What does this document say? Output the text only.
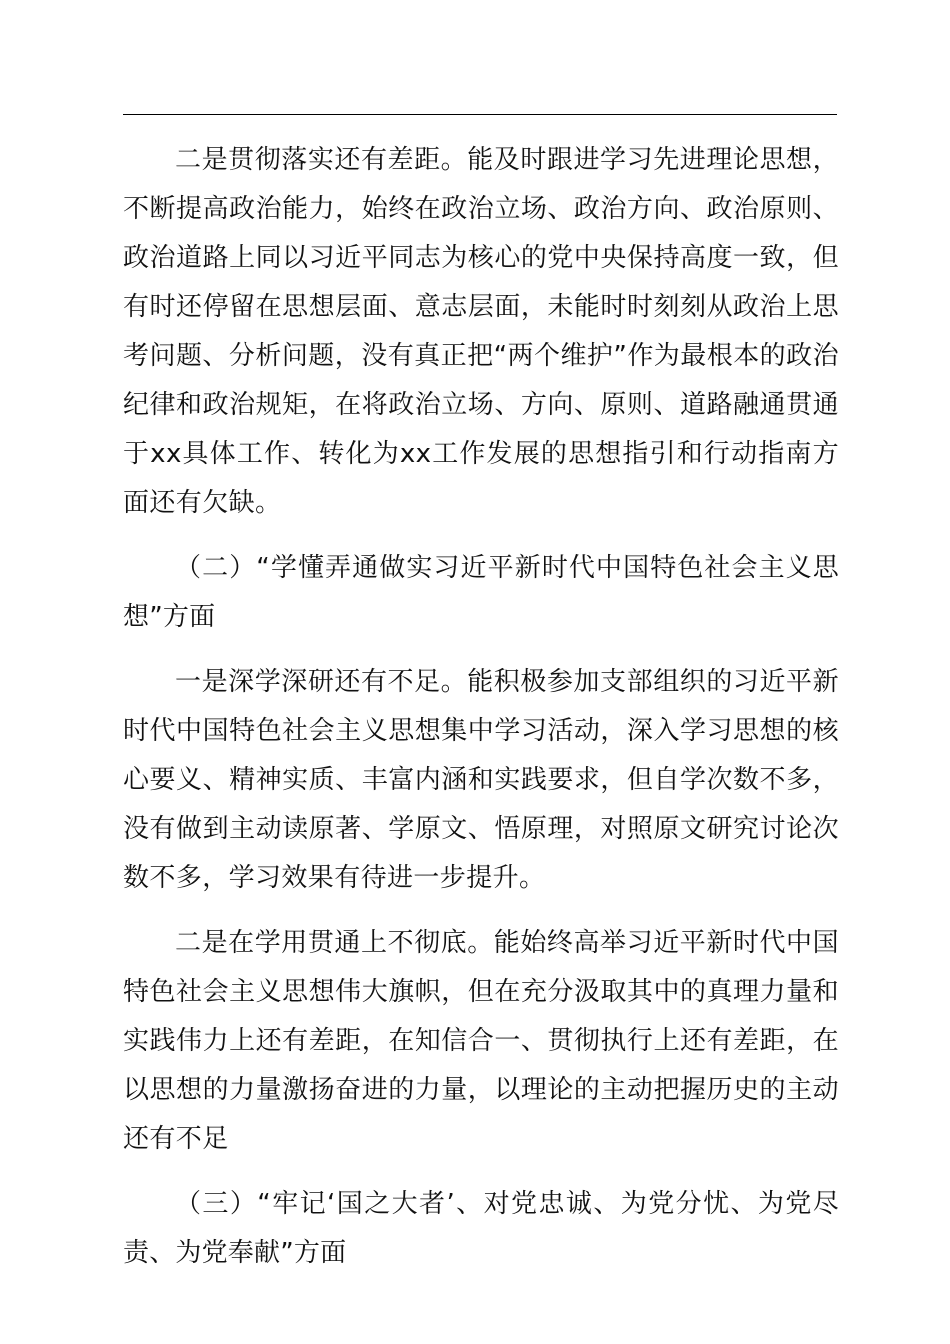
二是贯彻落实还有差距。能及时跟进学习先进理论思想，不断提高政治能力，始终在政治立场、政治方向、政治原则、政治道路上同以习近平同志为核心的党中央保持高度一致，但有时还停留在思想层面、意志层面，未能时时刻刻从政治上思考问题、分析问题，没有真正把“两个维护”作为最根本的政治纪律和政治规矩，在将政治立场、方向、原则、道路融通贯通于xx具体工作、转化为xx工作发展的思想指引和行动指南方面还有欠缺。

（二）“学懂弄通做实习近平新时代中国特色社会主义思想”方面

一是深学深研还有不足。能积极参加支部组织的习近平新时代中国特色社会主义思想集中学习活动，深入学习思想的核心要义、精神实质、丰富内涵和实践要求，但自学次数不多，没有做到主动读原著、学原文、悟原理，对照原文研究讨论次数不多，学习效果有待进一步提升。

二是在学用贯通上不彻底。能始终高举习近平新时代中国特色社会主义思想伟大旗帜，但在充分汲取其中的真理力量和实践伟力上还有差距，在知信合一、贯彻执行上还有差距，在以思想的力量激扬奋进的力量，以理论的主动把握历史的主动还有不足

（三）“牢记‘国之大者’、对党忠诚、为党分忧、为党尽责、为党奉献”方面
